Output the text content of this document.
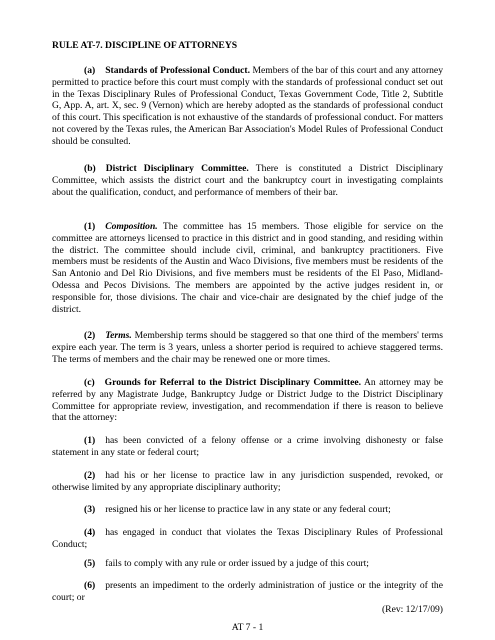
RULE AT-7. DISCIPLINE OF ATTORNEYS
(a) Standards of Professional Conduct. Members of the bar of this court and any attorney permitted to practice before this court must comply with the standards of professional conduct set out in the Texas Disciplinary Rules of Professional Conduct, Texas Government Code, Title 2, Subtitle G, App. A, art. X, sec. 9 (Vernon) which are hereby adopted as the standards of professional conduct of this court. This specification is not exhaustive of the standards of professional conduct. For matters not covered by the Texas rules, the American Bar Association's Model Rules of Professional Conduct should be consulted.
(b) District Disciplinary Committee. There is constituted a District Disciplinary Committee, which assists the district court and the bankruptcy court in investigating complaints about the qualification, conduct, and performance of members of their bar.
(1) Composition. The committee has 15 members. Those eligible for service on the committee are attorneys licensed to practice in this district and in good standing, and residing within the district. The committee should include civil, criminal, and bankruptcy practitioners. Five members must be residents of the Austin and Waco Divisions, five members must be residents of the San Antonio and Del Rio Divisions, and five members must be residents of the El Paso, Midland-Odessa and Pecos Divisions. The members are appointed by the active judges resident in, or responsible for, those divisions. The chair and vice-chair are designated by the chief judge of the district.
(2) Terms. Membership terms should be staggered so that one third of the members' terms expire each year. The term is 3 years, unless a shorter period is required to achieve staggered terms. The terms of members and the chair may be renewed one or more times.
(c) Grounds for Referral to the District Disciplinary Committee. An attorney may be referred by any Magistrate Judge, Bankruptcy Judge or District Judge to the District Disciplinary Committee for appropriate review, investigation, and recommendation if there is reason to believe that the attorney:
(1) has been convicted of a felony offense or a crime involving dishonesty or false statement in any state or federal court;
(2) had his or her license to practice law in any jurisdiction suspended, revoked, or otherwise limited by any appropriate disciplinary authority;
(3) resigned his or her license to practice law in any state or any federal court;
(4) has engaged in conduct that violates the Texas Disciplinary Rules of Professional Conduct;
(5) fails to comply with any rule or order issued by a judge of this court;
(6) presents an impediment to the orderly administration of justice or the integrity of the court; or
(Rev: 12/17/09)
AT 7 - 1
